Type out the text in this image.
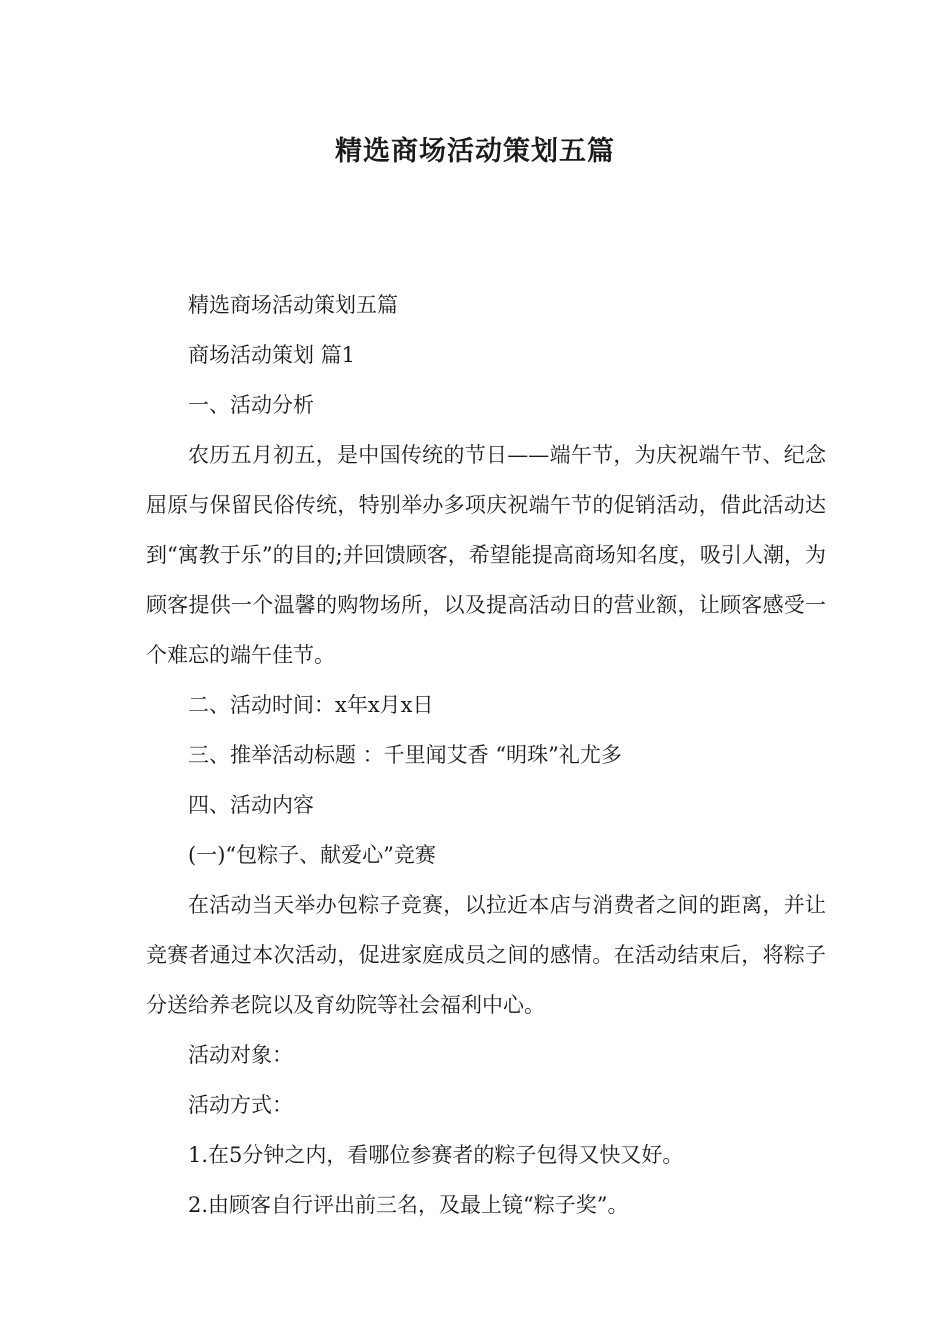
精选商场活动策划五篇

精选商场活动策划五篇

商场活动策划 篇1

一、活动分析

农历五月初五，是中国传统的节日——端午节，为庆祝端午节、纪念屈原与保留民俗传统，特别举办多项庆祝端午节的促销活动，借此活动达到“寓教于乐”的目的;并回馈顾客，希望能提高商场知名度，吸引人潮，为顾客提供一个温馨的购物场所，以及提高活动日的营业额，让顾客感受一个难忘的端午佳节。

二、活动时间：x年x月x日

三、推举活动标题 ：千里闻艾香 “明珠”礼尤多

四、活动内容

(一)“包粽子、献爱心”竞赛

在活动当天举办包粽子竞赛，以拉近本店与消费者之间的距离，并让竞赛者通过本次活动，促进家庭成员之间的感情。在活动结束后，将粽子分送给养老院以及育幼院等社会福利中心。

活动对象：

活动方式：

1.在5分钟之内，看哪位参赛者的粽子包得又快又好。

2.由顾客自行评出前三名，及最上镜“粽子奖”。
